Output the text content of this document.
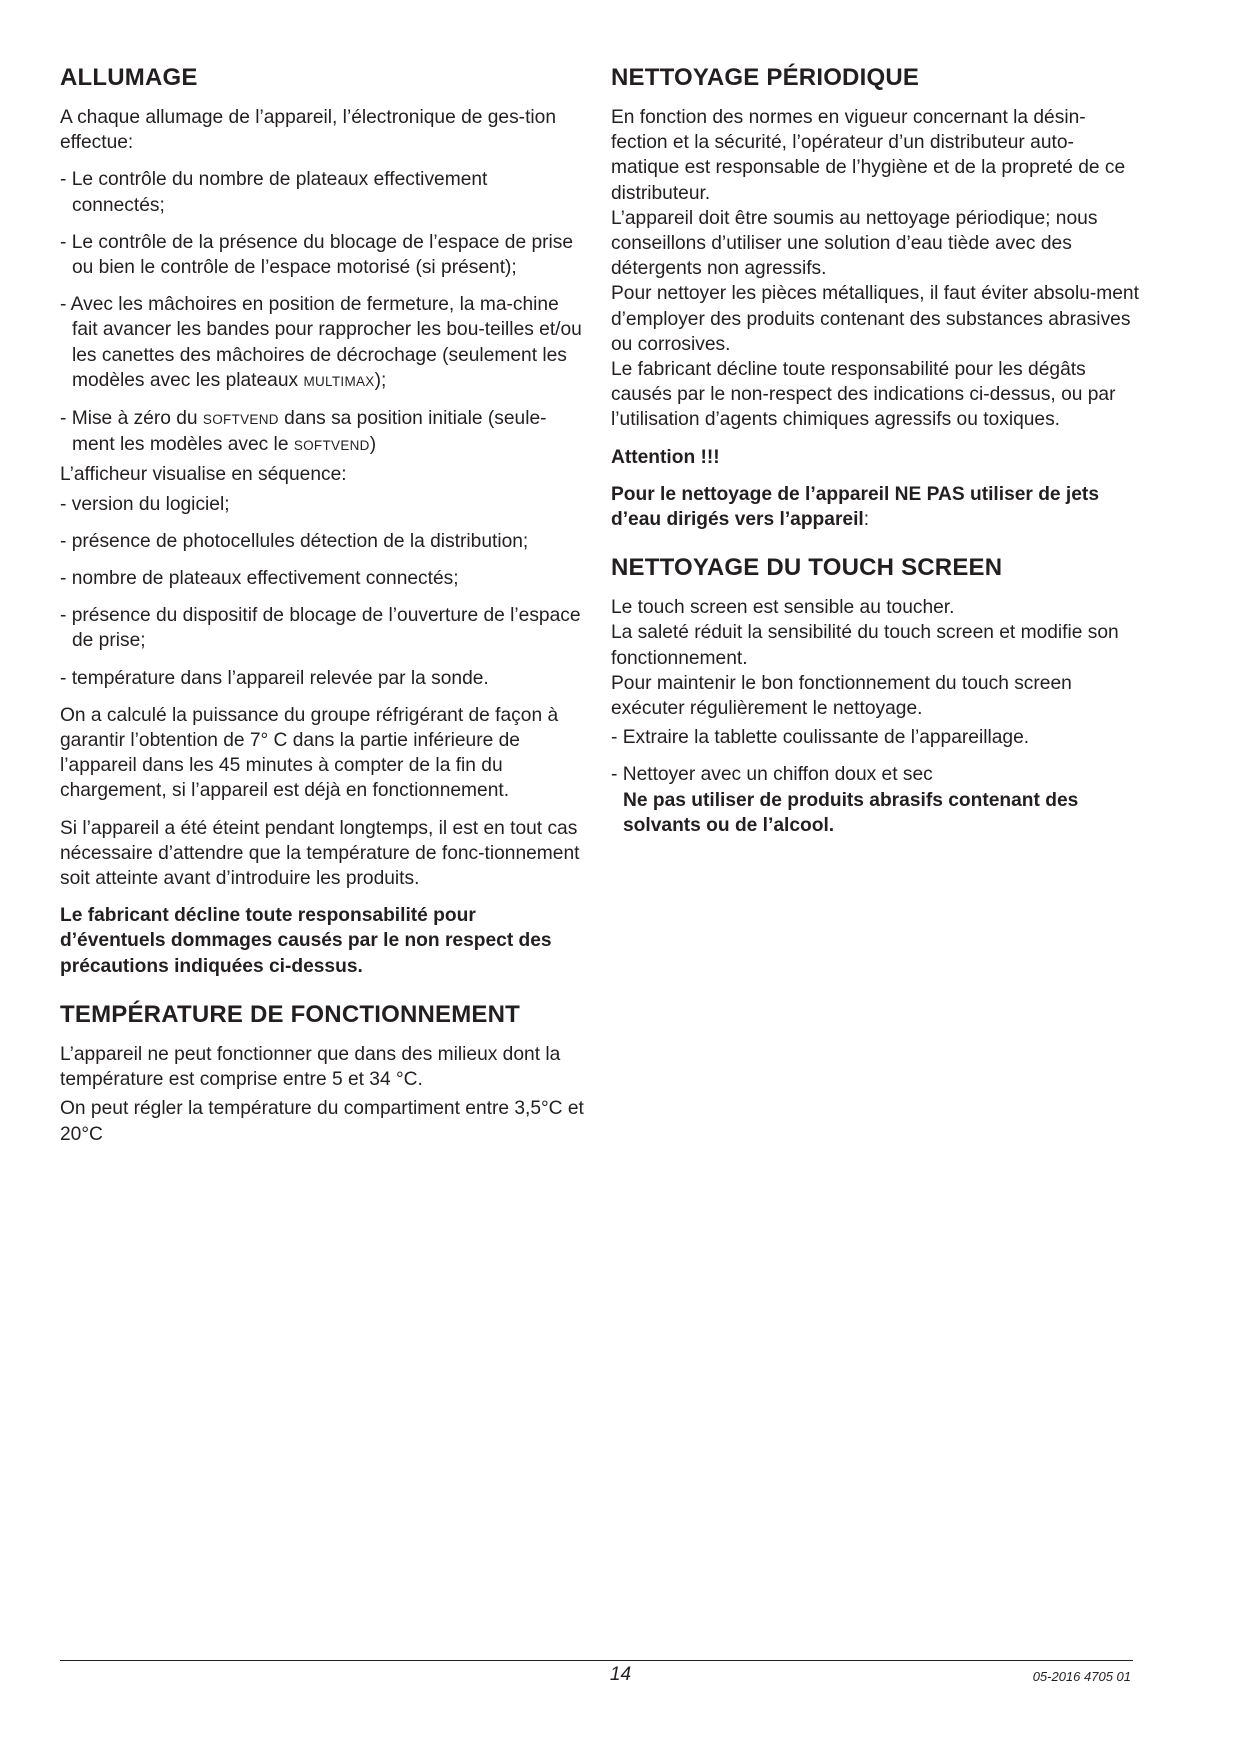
ALLUMAGE

A chaque allumage de l’appareil, l’électronique de ges-tion effectue:

- Le contrôle du nombre de plateaux effectivement connectés;
- Le contrôle de la présence du blocage de l’espace de prise ou bien le contrôle de l’espace motorisé (si présent);
- Avec les mâchoires en position de fermeture, la ma-chine fait avancer les bandes pour rapprocher les bou-teilles et/ou les canettes des mâchoires de décrochage (seulement les modèles avec les plateaux MULTIMAX);
- Mise à zéro du SOFTVEND dans sa position initiale (seule-ment les modèles avec le SOFTVEND)

L’afficheur visualise en séquence:

- version du logiciel;
- présence de photocellules détection de la distribution;
- nombre de plateaux effectivement connectés;
- présence du dispositif de blocage de l’ouverture de l’espace de prise;
- température dans l’appareil relevée par la sonde.

On a calculé la puissance du groupe réfrigérant de façon à garantir l’obtention de 7° C dans la partie inférieure de l’appareil dans les 45 minutes à compter de la fin du chargement, si l’appareil est déjà en fonctionnement.

Si l’appareil a été éteint pendant longtemps, il est en tout cas nécessaire d’attendre que la température de fonc-tionnement soit atteinte avant d’introduire les produits.

Le fabricant décline toute responsabilité pour d’éventuels dommages causés par le non respect des précautions indiquées ci-dessus.

TEMPÉRATURE DE FONCTIONNEMENT

L’appareil ne peut fonctionner que dans des milieux dont la température est comprise entre 5 et 34 °C.

On peut régler la température du compartiment entre 3,5°C et 20°C

NETTOYAGE PÉRIODIQUE

En fonction des normes en vigueur concernant la désin-fection et la sécurité, l’opérateur d’un distributeur auto-matique est responsable de l’hygiène et de la propreté de ce distributeur.

L’appareil doit être soumis au nettoyage périodique; nous conseillons d’utiliser une solution d’eau tiède avec des détergents non agressifs.

Pour nettoyer les pièces métalliques, il faut éviter absolu-ment d’employer des produits contenant des substances abrasives ou corrosives.

Le fabricant décline toute responsabilité pour les dégâts causés par le non-respect des indications ci-dessus, ou par l’utilisation d’agents chimiques agressifs ou toxiques.

Attention !!!

Pour le nettoyage de l’appareil NE PAS utiliser de jets d’eau dirigés vers l’appareil:

NETTOYAGE DU TOUCH SCREEN

Le touch screen est sensible au toucher.

La saleté réduit la sensibilité du touch screen et modifie son fonctionnement.

Pour maintenir le bon fonctionnement du touch screen exécuter régulièrement le nettoyage.

- Extraire la tablette coulissante de l’appareillage.
- Nettoyer avec un chiffon doux et sec
Ne pas utiliser de produits abrasifs contenant des solvants ou de l’alcool.
14	05-2016 4705 01
